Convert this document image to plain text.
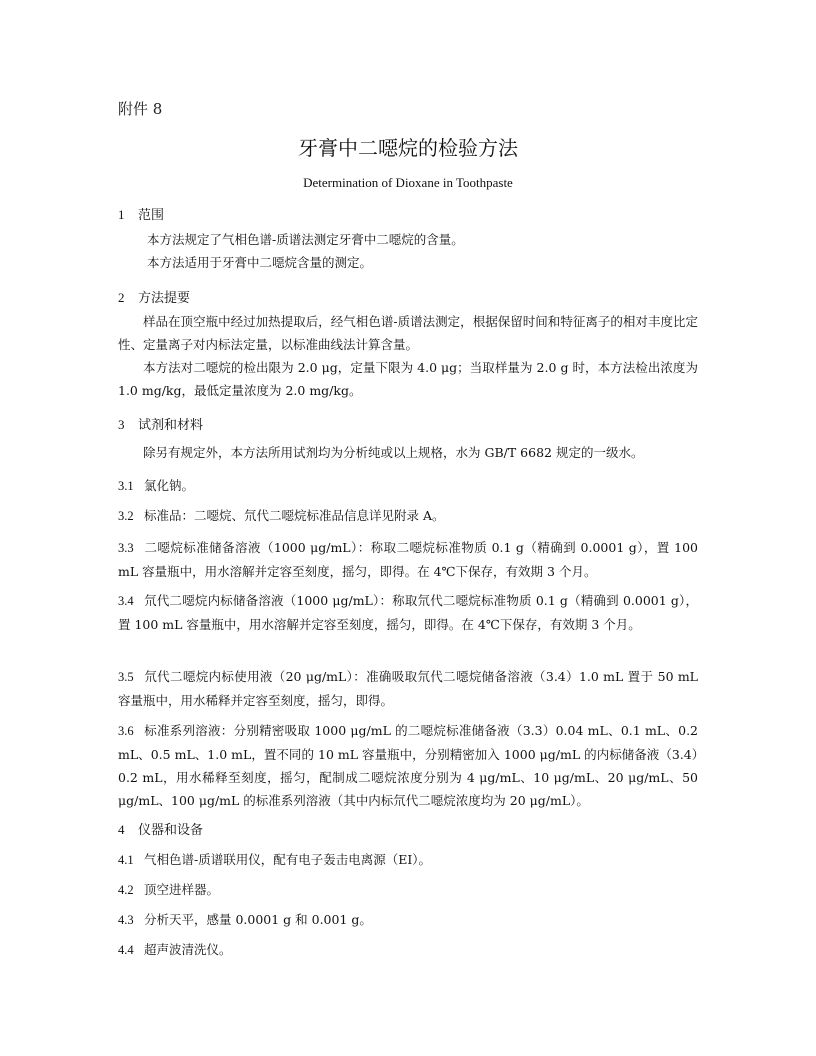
附件 8
牙膏中二噁烷的检验方法
Determination of Dioxane in Toothpaste
1 范围
本方法规定了气相色谱-质谱法测定牙膏中二噁烷的含量。
本方法适用于牙膏中二噁烷含量的测定。
2 方法提要
样品在顶空瓶中经过加热提取后，经气相色谱-质谱法测定，根据保留时间和特征离子的相对丰度比定性、定量离子对内标法定量，以标准曲线法计算含量。
本方法对二噁烷的检出限为 2.0 μg，定量下限为 4.0 μg；当取样量为 2.0 g 时，本方法检出浓度为 1.0 mg/kg，最低定量浓度为 2.0 mg/kg。
3 试剂和材料
除另有规定外，本方法所用试剂均为分析纯或以上规格，水为 GB/T 6682 规定的一级水。
3.1 氯化钠。
3.2 标准品：二噁烷、氘代二噁烷标准品信息详见附录 A。
3.3 二噁烷标准储备溶液（1000 μg/mL）：称取二噁烷标准物质 0.1 g（精确到 0.0001 g），置 100 mL 容量瓶中，用水溶解并定容至刻度，摇匀，即得。在 4℃下保存，有效期 3 个月。
3.4 氘代二噁烷内标储备溶液（1000 μg/mL）：称取氘代二噁烷标准物质 0.1 g（精确到 0.0001 g），置 100 mL 容量瓶中，用水溶解并定容至刻度，摇匀，即得。在 4℃下保存，有效期 3 个月。
3.5 氘代二噁烷内标使用液（20 μg/mL）：准确吸取氘代二噁烷储备溶液（3.4）1.0 mL 置于 50 mL 容量瓶中，用水稀释并定容至刻度，摇匀，即得。
3.6 标准系列溶液：分别精密吸取 1000 μg/mL 的二噁烷标准储备液（3.3）0.04 mL、0.1 mL、0.2 mL、0.5 mL、1.0 mL，置不同的 10 mL 容量瓶中，分别精密加入 1000 μg/mL 的内标储备液（3.4）0.2 mL，用水稀释至刻度，摇匀，配制成二噁烷浓度分别为 4 μg/mL、10 μg/mL、20 μg/mL、50 μg/mL、100 μg/mL 的标准系列溶液（其中内标氘代二噁烷浓度均为 20 μg/mL）。
4 仪器和设备
4.1 气相色谱-质谱联用仪，配有电子轰击电离源（EI）。
4.2 顶空进样器。
4.3 分析天平，感量 0.0001 g 和 0.001 g。
4.4 超声波清洗仪。
